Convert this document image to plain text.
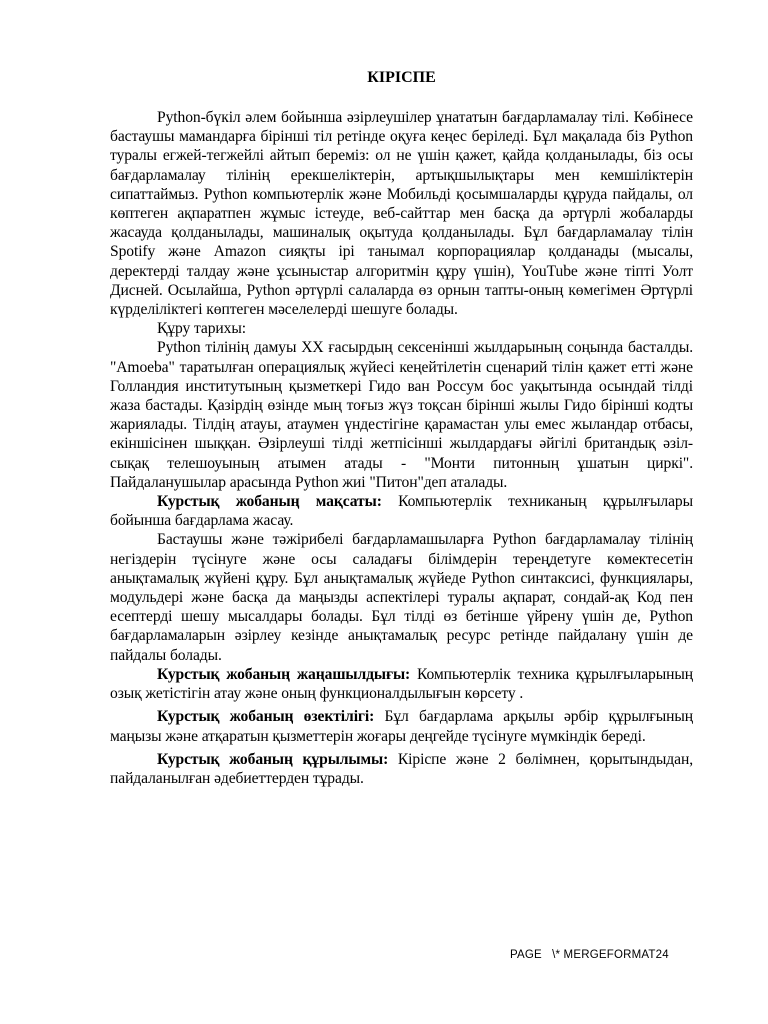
КІРІСПЕ

Python-бүкіл әлем бойынша әзірлеушілер ұнататын бағдарламалау тілі. Көбінесе бастаушы мамандарға бірінші тіл ретінде оқуға кеңес беріледі. Бұл мақалада біз Python туралы егжей-тегжейлі айтып береміз: ол не үшін қажет, қайда қолданылады, біз осы бағдарламалау тілінің ерекшеліктерін, артықшылықтары мен кемшіліктерін сипаттаймыз. Python компьютерлік және Мобильді қосымшаларды құруда пайдалы, ол көптеген ақпаратпен жұмыс істеуде, веб-сайттар мен басқа да әртүрлі жобаларды жасауда қолданылады, машиналық оқытуда қолданылады. Бұл бағдарламалау тілін Spotify және Amazon сияқты ірі танымал корпорациялар қолданады (мысалы, деректерді талдау және ұсыныстар алгоритмін құру үшін), YouTube және тіпті Уолт Дисней. Осылайша, Python әртүрлі салаларда өз орнын тапты-оның көмегімен Әртүрлі күрделіліктегі көптеген мәселелерді шешуге болады.

Құру тарихы:

Python тілінің дамуы XX ғасырдың сексенінші жылдарының соңында басталды. "Amoeba" таратылған операциялық жүйесі кеңейтілетін сценарий тілін қажет етті және Голландия институтының қызметкері Гидо ван Россум бос уақытында осындай тілді жаза бастады. Қазірдің өзінде мың тоғыз жүз тоқсан бірінші жылы Гидо бірінші кодты жариялады. Тілдің атауы, атаумен үндестігіне қарамастан улы емес жыландар отбасы, екіншісінен шыққан. Әзірлеуші тілді жетпісінші жылдардағы әйгілі британдық әзіл-сықақ телешоуының атымен атады - "Монти питонның ұшатын циркі". Пайдаланушылар арасында Python жиі "Питон"деп аталады.

Курстық жобаның мақсаты: Компьютерлік техниканың құрылғылары бойынша бағдарлама жасау.

Бастаушы және тәжірибелі бағдарламашыларға Python бағдарламалау тілінің негіздерін түсінуге және осы саладағы білімдерін тереңдетуге көмектесетін анықтамалық жүйені құру. Бұл анықтамалық жүйеде Python синтаксисі, функциялары, модульдері және басқа да маңызды аспектілері туралы ақпарат, сондай-ақ Код пен есептерді шешу мысалдары болады. Бұл тілді өз бетінше үйрену үшін де, Python бағдарламаларын әзірлеу кезінде анықтамалық ресурс ретінде пайдалану үшін де пайдалы болады.

Курстық жобаның жаңашылдығы: Компьютерлік техника құрылғыларының озық жетістігін атау және оның функционалдылығын көрсету .

Курстық жобаның өзектілігі: Бұл бағдарлама арқылы әрбір құрылғының маңызы және атқаратын қызметтерін жоғары деңгейде түсінуге мүмкіндік береді.

Курстық жобаның құрылымы: Кіріспе және 2 бөлімнен, қорытындыдан, пайдаланылған әдебиеттерден тұрады.

PAGE   \* MERGEFORMAT24
